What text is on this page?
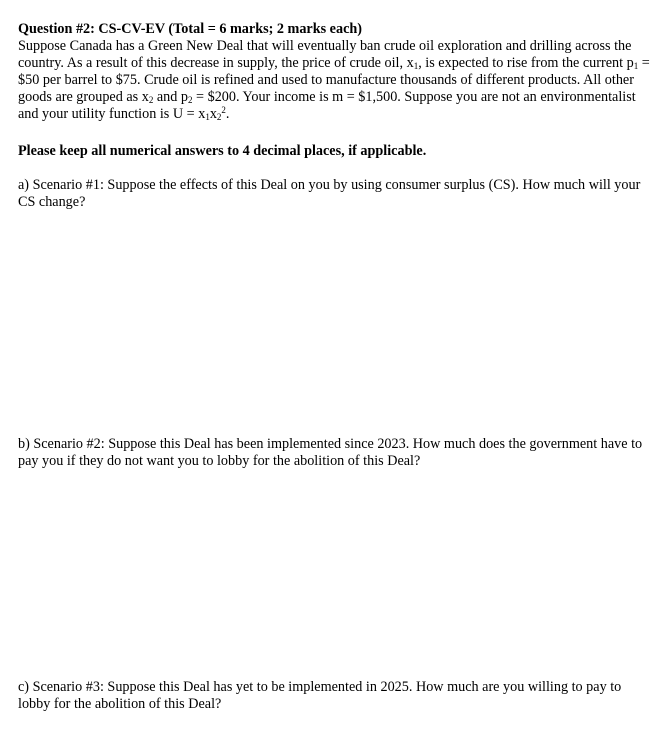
Question #2: CS-CV-EV (Total = 6 marks; 2 marks each)

Suppose Canada has a Green New Deal that will eventually ban crude oil exploration and drilling across the country. As a result of this decrease in supply, the price of crude oil, $x_1$, is expected to rise from the current $p_1$ = $50 per barrel to $75. Crude oil is refined and used to manufacture thousands of different products. All other goods are grouped as $x_2$ and $p_2$ = $200. Your income is m = $1,500. Suppose you are not an environmentalist and your utility function is $U = x_1x_2^2$.

Please keep all numerical answers to 4 decimal places, if applicable.
a) Scenario #1: Suppose the effects of this Deal on you by using consumer surplus (CS). How much will your CS change?
b) Scenario #2: Suppose this Deal has been implemented since 2023. How much does the government have to pay you if they do not want you to lobby for the abolition of this Deal?
c) Scenario #3: Suppose this Deal has yet to be implemented in 2025. How much are you willing to pay to lobby for the abolition of this Deal?
